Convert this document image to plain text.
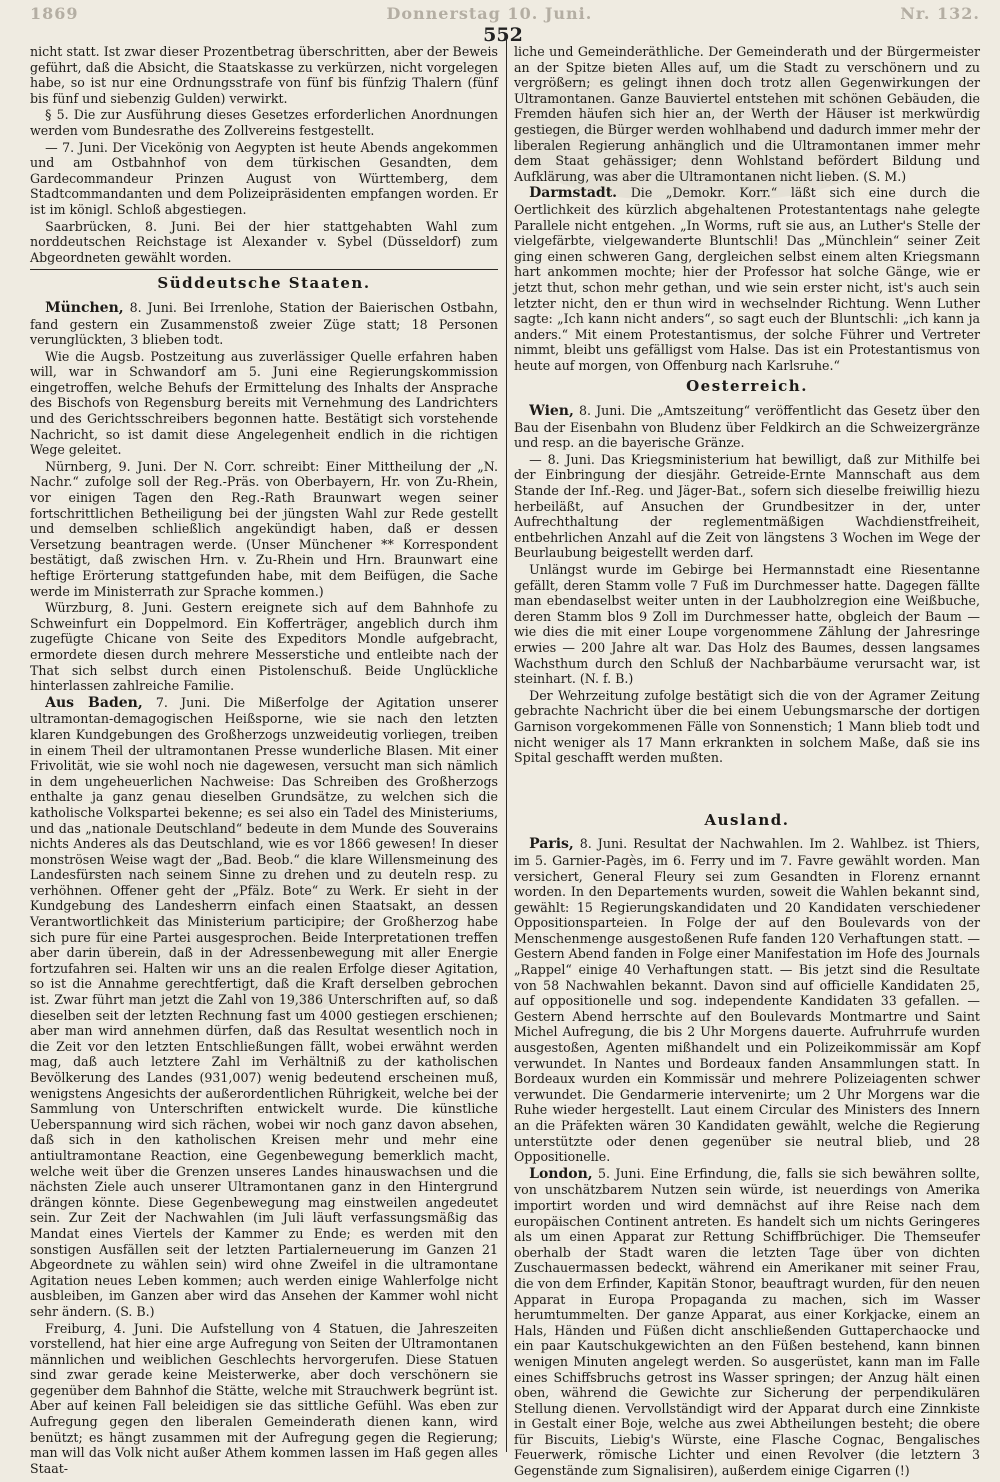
1869	Donnerstag 10. Juni.	Nr. 132.
552

nicht statt. Ist zwar dieser Prozentbetrag überschritten, aber der Beweis geführt, daß die Absicht, die Staatskasse zu verkürzen, nicht vorgelegen habe, so ist nur eine Ordnungsstrafe von fünf bis fünfzig Thalern (fünf bis fünf und siebenzig Gulden) verwirkt.

§ 5. Die zur Ausführung dieses Gesetzes erforderlichen Anordnungen werden vom Bundesrathe des Zollvereins festgestellt.

— 7. Juni. Der Vicekönig von Aegypten ist heute Abends angekommen und am Ostbahnhof von dem türkischen Gesandten, dem Gardecommandeur Prinzen August von Württemberg, dem Stadtcommandanten und dem Polizeipräsidenten empfangen worden. Er ist im königl. Schloß abgestiegen.

Saarbrücken, 8. Juni. Bei der hier stattgehabten Wahl zum norddeutschen Reichstage ist Alexander v. Sybel (Düsseldorf) zum Abgeordneten gewählt worden.

Süddeutsche Staaten.

München, 8. Juni. Bei Irrenlohe, Station der Baierischen Ostbahn, fand gestern ein Zusammenstoß zweier Züge statt; 18 Personen verunglückten, 3 blieben todt.

Wie die Augsb. Postzeitung aus zuverlässiger Quelle erfahren haben will, war in Schwandorf am 5. Juni eine Regierungskommission eingetroffen, welche Behufs der Ermittelung des Inhalts der Ansprache des Bischofs von Regensburg bereits mit Vernehmung des Landrichters und des Gerichtsschreibers begonnen hatte. Bestätigt sich vorstehende Nachricht, so ist damit diese Angelegenheit endlich in die richtigen Wege geleitet.

Nürnberg, 9. Juni. Der N. Corr. schreibt: Einer Mittheilung der „N. Nachr.“ zufolge soll der Reg.-Präs. von Oberbayern, Hr. von Zu-Rhein, vor einigen Tagen den Reg.-Rath Braunwart wegen seiner fortschrittlichen Betheiligung bei der jüngsten Wahl zur Rede gestellt und demselben schließlich angekündigt haben, daß er dessen Versetzung beantragen werde. (Unser Münchener ** Korrespondent bestätigt, daß zwischen Hrn. v. Zu-Rhein und Hrn. Braunwart eine heftige Erörterung stattgefunden habe, mit dem Beifügen, die Sache werde im Ministerrath zur Sprache kommen.)

Würzburg, 8. Juni. Gestern ereignete sich auf dem Bahnhofe zu Schweinfurt ein Doppelmord. Ein Kofferträger, angeblich durch ihm zugefügte Chicane von Seite des Expeditors Mondle aufgebracht, ermordete diesen durch mehrere Messerstiche und entleibte nach der That sich selbst durch einen Pistolenschuß. Beide Unglückliche hinterlassen zahlreiche Familie.

Aus Baden, 7. Juni. Die Mißerfolge der Agitation unserer ultramontan-demagogischen Heißsporne, wie sie nach den letzten klaren Kundgebungen des Großherzogs unzweideutig vorliegen, treiben in einem Theil der ultramontanen Presse wunderliche Blasen. Mit einer Frivolität, wie sie wohl noch nie dagewesen, versucht man sich nämlich in dem ungeheuerlichen Nachweise: Das Schreiben des Großherzogs enthalte ja ganz genau dieselben Grundsätze, zu welchen sich die katholische Volkspartei bekenne; es sei also ein Tadel des Ministeriums, und das „nationale Deutschland“ bedeute in dem Munde des Souverains nichts Anderes als das Deutschland, wie es vor 1866 gewesen! In dieser monströsen Weise wagt der „Bad. Beob.“ die klare Willensmeinung des Landesfürsten nach seinem Sinne zu drehen und zu deuteln resp. zu verhöhnen. Offener geht der „Pfälz. Bote“ zu Werk. Er sieht in der Kundgebung des Landesherrn einfach einen Staatsakt, an dessen Verantwortlichkeit das Ministerium participire; der Großherzog habe sich pure für eine Partei ausgesprochen. Beide Interpretationen treffen aber darin überein, daß in der Adressenbewegung mit aller Energie fortzufahren sei. Halten wir uns an die realen Erfolge dieser Agitation, so ist die Annahme gerechtfertigt, daß die Kraft derselben gebrochen ist. Zwar führt man jetzt die Zahl von 19,386 Unterschriften auf, so daß dieselben seit der letzten Rechnung fast um 4000 gestiegen erschienen; aber man wird annehmen dürfen, daß das Resultat wesentlich noch in die Zeit vor den letzten Entschließungen fällt, wobei erwähnt werden mag, daß auch letztere Zahl im Verhältniß zu der katholischen Bevölkerung des Landes (931,007) wenig bedeutend erscheinen muß, wenigstens Angesichts der außerordentlichen Rührigkeit, welche bei der Sammlung von Unterschriften entwickelt wurde. Die künstliche Ueberspannung wird sich rächen, wobei wir noch ganz davon absehen, daß sich in den katholischen Kreisen mehr und mehr eine antiultramontane Reaction, eine Gegenbewegung bemerklich macht, welche weit über die Grenzen unseres Landes hinauswachsen und die nächsten Ziele auch unserer Ultramontanen ganz in den Hintergrund drängen könnte. Diese Gegenbewegung mag einstweilen angedeutet sein. Zur Zeit der Nachwahlen (im Juli läuft verfassungsmäßig das Mandat eines Viertels der Kammer zu Ende; es werden mit den sonstigen Ausfällen seit der letzten Partialerneuerung im Ganzen 21 Abgeordnete zu wählen sein) wird ohne Zweifel in die ultramontane Agitation neues Leben kommen; auch werden einige Wahlerfolge nicht ausbleiben, im Ganzen aber wird das Ansehen der Kammer wohl nicht sehr ändern. (S. B.)

Freiburg, 4. Juni. Die Aufstellung von 4 Statuen, die Jahreszeiten vorstellend, hat hier eine arge Aufregung von Seiten der Ultramontanen männlichen und weiblichen Geschlechts hervorgerufen. Diese Statuen sind zwar gerade keine Meisterwerke, aber doch verschönern sie gegenüber dem Bahnhof die Stätte, welche mit Strauchwerk begrünt ist. Aber auf keinen Fall beleidigen sie das sittliche Gefühl. Was eben zur Aufregung gegen den liberalen Gemeinderath dienen kann, wird benützt; es hängt zusammen mit der Aufregung gegen die Regierung; man will das Volk nicht außer Athem kommen lassen im Haß gegen alles Staat-

liche und Gemeinderäthliche. Der Gemeinderath und der Bürgermeister an der Spitze bieten Alles auf, um die Stadt zu verschönern und zu vergrößern; es gelingt ihnen doch trotz allen Gegenwirkungen der Ultramontanen. Ganze Bauviertel entstehen mit schönen Gebäuden, die Fremden häufen sich hier an, der Werth der Häuser ist merkwürdig gestiegen, die Bürger werden wohlhabend und dadurch immer mehr der liberalen Regierung anhänglich und die Ultramontanen immer mehr dem Staat gehässiger; denn Wohlstand befördert Bildung und Aufklärung, was aber die Ultramontanen nicht lieben. (S. M.)

Darmstadt. Die „Demokr. Korr.“ läßt sich eine durch die Oertlichkeit des kürzlich abgehaltenen Protestantentags nahe gelegte Parallele nicht entgehen. „In Worms, ruft sie aus, an Luther's Stelle der vielgefärbte, vielgewanderte Bluntschli! Das „Münchlein“ seiner Zeit ging einen schweren Gang, dergleichen selbst einem alten Kriegsmann hart ankommen mochte; hier der Professor hat solche Gänge, wie er jetzt thut, schon mehr gethan, und wie sein erster nicht, ist's auch sein letzter nicht, den er thun wird in wechselnder Richtung. Wenn Luther sagte: „Ich kann nicht anders“, so sagt euch der Bluntschli: „ich kann ja anders.“ Mit einem Protestantismus, der solche Führer und Vertreter nimmt, bleibt uns gefälligst vom Halse. Das ist ein Protestantismus von heute auf morgen, von Offenburg nach Karlsruhe.“

Oesterreich.

Wien, 8. Juni. Die „Amtszeitung“ veröffentlicht das Gesetz über den Bau der Eisenbahn von Bludenz über Feldkirch an die Schweizergränze und resp. an die bayerische Gränze.

— 8. Juni. Das Kriegsministerium hat bewilligt, daß zur Mithilfe bei der Einbringung der diesjähr. Getreide-Ernte Mannschaft aus dem Stande der Inf.-Reg. und Jäger-Bat., sofern sich dieselbe freiwillig hiezu herbeiläßt, auf Ansuchen der Grundbesitzer in der, unter Aufrechthaltung der reglementmäßigen Wachdienstfreiheit, entbehrlichen Anzahl auf die Zeit von längstens 3 Wochen im Wege der Beurlaubung beigestellt werden darf.

Unlängst wurde im Gebirge bei Hermannstadt eine Riesentanne gefällt, deren Stamm volle 7 Fuß im Durchmesser hatte. Dagegen fällte man ebendaselbst weiter unten in der Laubholzregion eine Weißbuche, deren Stamm blos 9 Zoll im Durchmesser hatte, obgleich der Baum — wie dies die mit einer Loupe vorgenommene Zählung der Jahresringe erwies — 200 Jahre alt war. Das Holz des Baumes, dessen langsames Wachsthum durch den Schluß der Nachbarbäume verursacht war, ist steinhart. (N. f. B.)

Der Wehrzeitung zufolge bestätigt sich die von der Agramer Zeitung gebrachte Nachricht über die bei einem Uebungsmarsche der dortigen Garnison vorgekommenen Fälle von Sonnenstich; 1 Mann blieb todt und nicht weniger als 17 Mann erkrankten in solchem Maße, daß sie ins Spital geschafft werden mußten.

Ausland.

Paris, 8. Juni. Resultat der Nachwahlen. Im 2. Wahlbez. ist Thiers, im 5. Garnier-Pagès, im 6. Ferry und im 7. Favre gewählt worden. Man versichert, General Fleury sei zum Gesandten in Florenz ernannt worden. In den Departements wurden, soweit die Wahlen bekannt sind, gewählt: 15 Regierungskandidaten und 20 Kandidaten verschiedener Oppositionsparteien. In Folge der auf den Boulevards von der Menschenmenge ausgestoßenen Rufe fanden 120 Verhaftungen statt. — Gestern Abend fanden in Folge einer Manifestation im Hofe des Journals „Rappel“ einige 40 Verhaftungen statt. — Bis jetzt sind die Resultate von 58 Nachwahlen bekannt. Davon sind auf officielle Kandidaten 25, auf oppositionelle und sog. independente Kandidaten 33 gefallen. — Gestern Abend herrschte auf den Boulevards Montmartre und Saint Michel Aufregung, die bis 2 Uhr Morgens dauerte. Aufruhrrufe wurden ausgestoßen, Agenten mißhandelt und ein Polizeikommissär am Kopf verwundet. In Nantes und Bordeaux fanden Ansammlungen statt. In Bordeaux wurden ein Kommissär und mehrere Polizeiagenten schwer verwundet. Die Gendarmerie intervenirte; um 2 Uhr Morgens war die Ruhe wieder hergestellt. Laut einem Circular des Ministers des Innern an die Präfekten wären 30 Kandidaten gewählt, welche die Regierung unterstützte oder denen gegenüber sie neutral blieb, und 28 Oppositionelle.

London, 5. Juni. Eine Erfindung, die, falls sie sich bewähren sollte, von unschätzbarem Nutzen sein würde, ist neuerdings von Amerika importirt worden und wird demnächst auf ihre Reise nach dem europäischen Continent antreten. Es handelt sich um nichts Geringeres als um einen Apparat zur Rettung Schiffbrüchiger. Die Themseufer oberhalb der Stadt waren die letzten Tage über von dichten Zuschauermassen bedeckt, während ein Amerikaner mit seiner Frau, die von dem Erfinder, Kapitän Stonor, beauftragt wurden, für den neuen Apparat in Europa Propaganda zu machen, sich im Wasser herumtummelten. Der ganze Apparat, aus einer Korkjacke, einem an Hals, Händen und Füßen dicht anschließenden Guttaperchaocke und ein paar Kautschukgewichten an den Füßen bestehend, kann binnen wenigen Minuten angelegt werden. So ausgerüstet, kann man im Falle eines Schiffsbruchs getrost ins Wasser springen; der Anzug hält einen oben, während die Gewichte zur Sicherung der perpendikulären Stellung dienen. Vervollständigt wird der Apparat durch eine Zinnkiste in Gestalt einer Boje, welche aus zwei Abtheilungen besteht; die obere für Biscuits, Liebig's Würste, eine Flasche Cognac, Bengalisches Feuerwerk, römische Lichter und einen Revolver (die letztern 3 Gegenstände zum Signalisiren), außerdem einige Cigarren (!)
